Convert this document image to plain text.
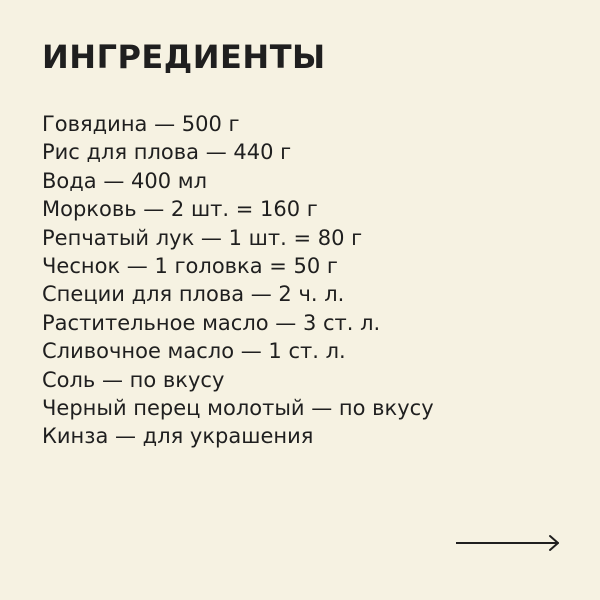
ИНГРЕДИЕНТЫ
Говядина — 500 г
Рис для плова — 440 г
Вода — 400 мл
Морковь — 2 шт. = 160 г
Репчатый лук — 1 шт. = 80 г
Чеснок — 1 головка = 50 г
Специи для плова — 2 ч. л.
Растительное масло — 3 ст. л.
Сливочное масло — 1 ст. л.
Соль — по вкусу
Черный перец молотый — по вкусу
Кинза — для украшения
